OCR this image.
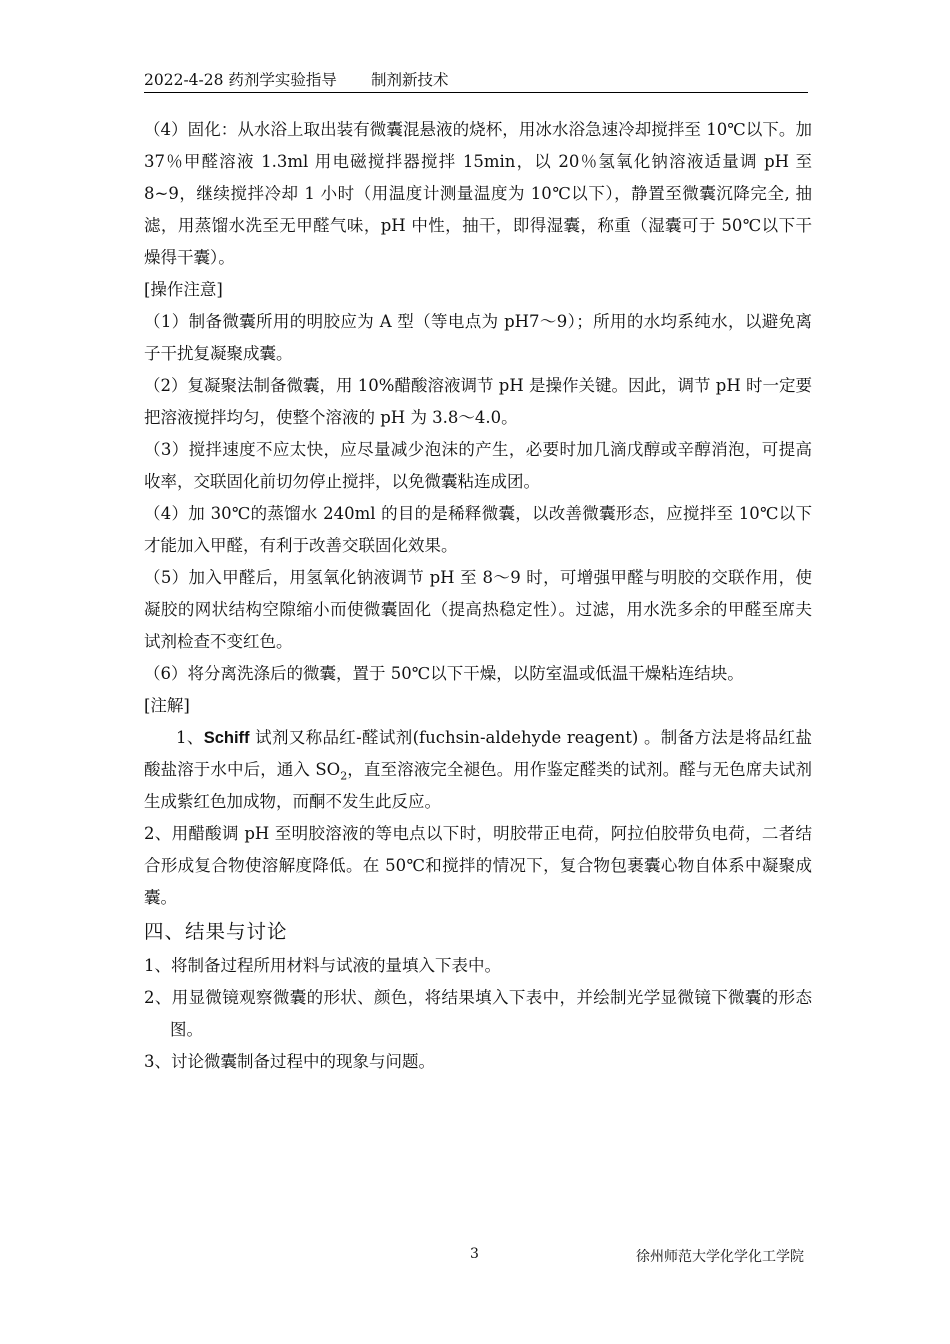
2022-4-28 药剂学实验指导 制剂新技术

（4）固化：从水浴上取出装有微囊混悬液的烧杯，用冰水浴急速冷却搅拌至 10℃以下。加 37％甲醛溶液 1.3ml 用电磁搅拌器搅拌 15min，以 20％氢氧化钠溶液适量调 pH 至 8~9，继续搅拌冷却 1 小时（用温度计测量温度为 10℃以下），静置至微囊沉降完全, 抽滤，用蒸馏水洗至无甲醛气味，pH 中性，抽干，即得湿囊，称重（湿囊可于 50℃以下干燥得干囊）。

[操作注意]

（1）制备微囊所用的明胶应为 A 型（等电点为 pH7～9）；所用的水均系纯水，以避免离子干扰复凝聚成囊。

（2）复凝聚法制备微囊，用 10%醋酸溶液调节 pH 是操作关键。因此，调节 pH 时一定要把溶液搅拌均匀，使整个溶液的 pH 为 3.8～4.0。

（3）搅拌速度不应太快，应尽量减少泡沫的产生，必要时加几滴戊醇或辛醇消泡，可提高收率，交联固化前切勿停止搅拌，以免微囊粘连成团。

（4）加 30℃的蒸馏水 240ml 的目的是稀释微囊，以改善微囊形态，应搅拌至 10℃以下才能加入甲醛，有利于改善交联固化效果。

（5）加入甲醛后，用氢氧化钠液调节 pH 至 8～9 时，可增强甲醛与明胶的交联作用，使凝胶的网状结构空隙缩小而使微囊固化（提高热稳定性）。过滤，用水洗多余的甲醛至席夫试剂检查不变红色。

（6）将分离洗涤后的微囊，置于 50℃以下干燥，以防室温或低温干燥粘连结块。

[注解]

1、Schiff 试剂又称品红-醛试剂(fuchsin-aldehyde reagent) 。制备方法是将品红盐酸盐溶于水中后，通入 $SO_2$，直至溶液完全褪色。用作鉴定醛类的试剂。醛与无色席夫试剂生成紫红色加成物，而酮不发生此反应。

2、用醋酸调 pH 至明胶溶液的等电点以下时，明胶带正电荷，阿拉伯胶带负电荷，二者结合形成复合物使溶解度降低。在 50℃和搅拌的情况下，复合物包裹囊心物自体系中凝聚成囊。

四、结果与讨论

1、将制备过程所用材料与试液的量填入下表中。

2、用显微镜观察微囊的形状、颜色，将结果填入下表中，并绘制光学显微镜下微囊的形态图。

3、讨论微囊制备过程中的现象与问题。

3	徐州师范大学化学化工学院
